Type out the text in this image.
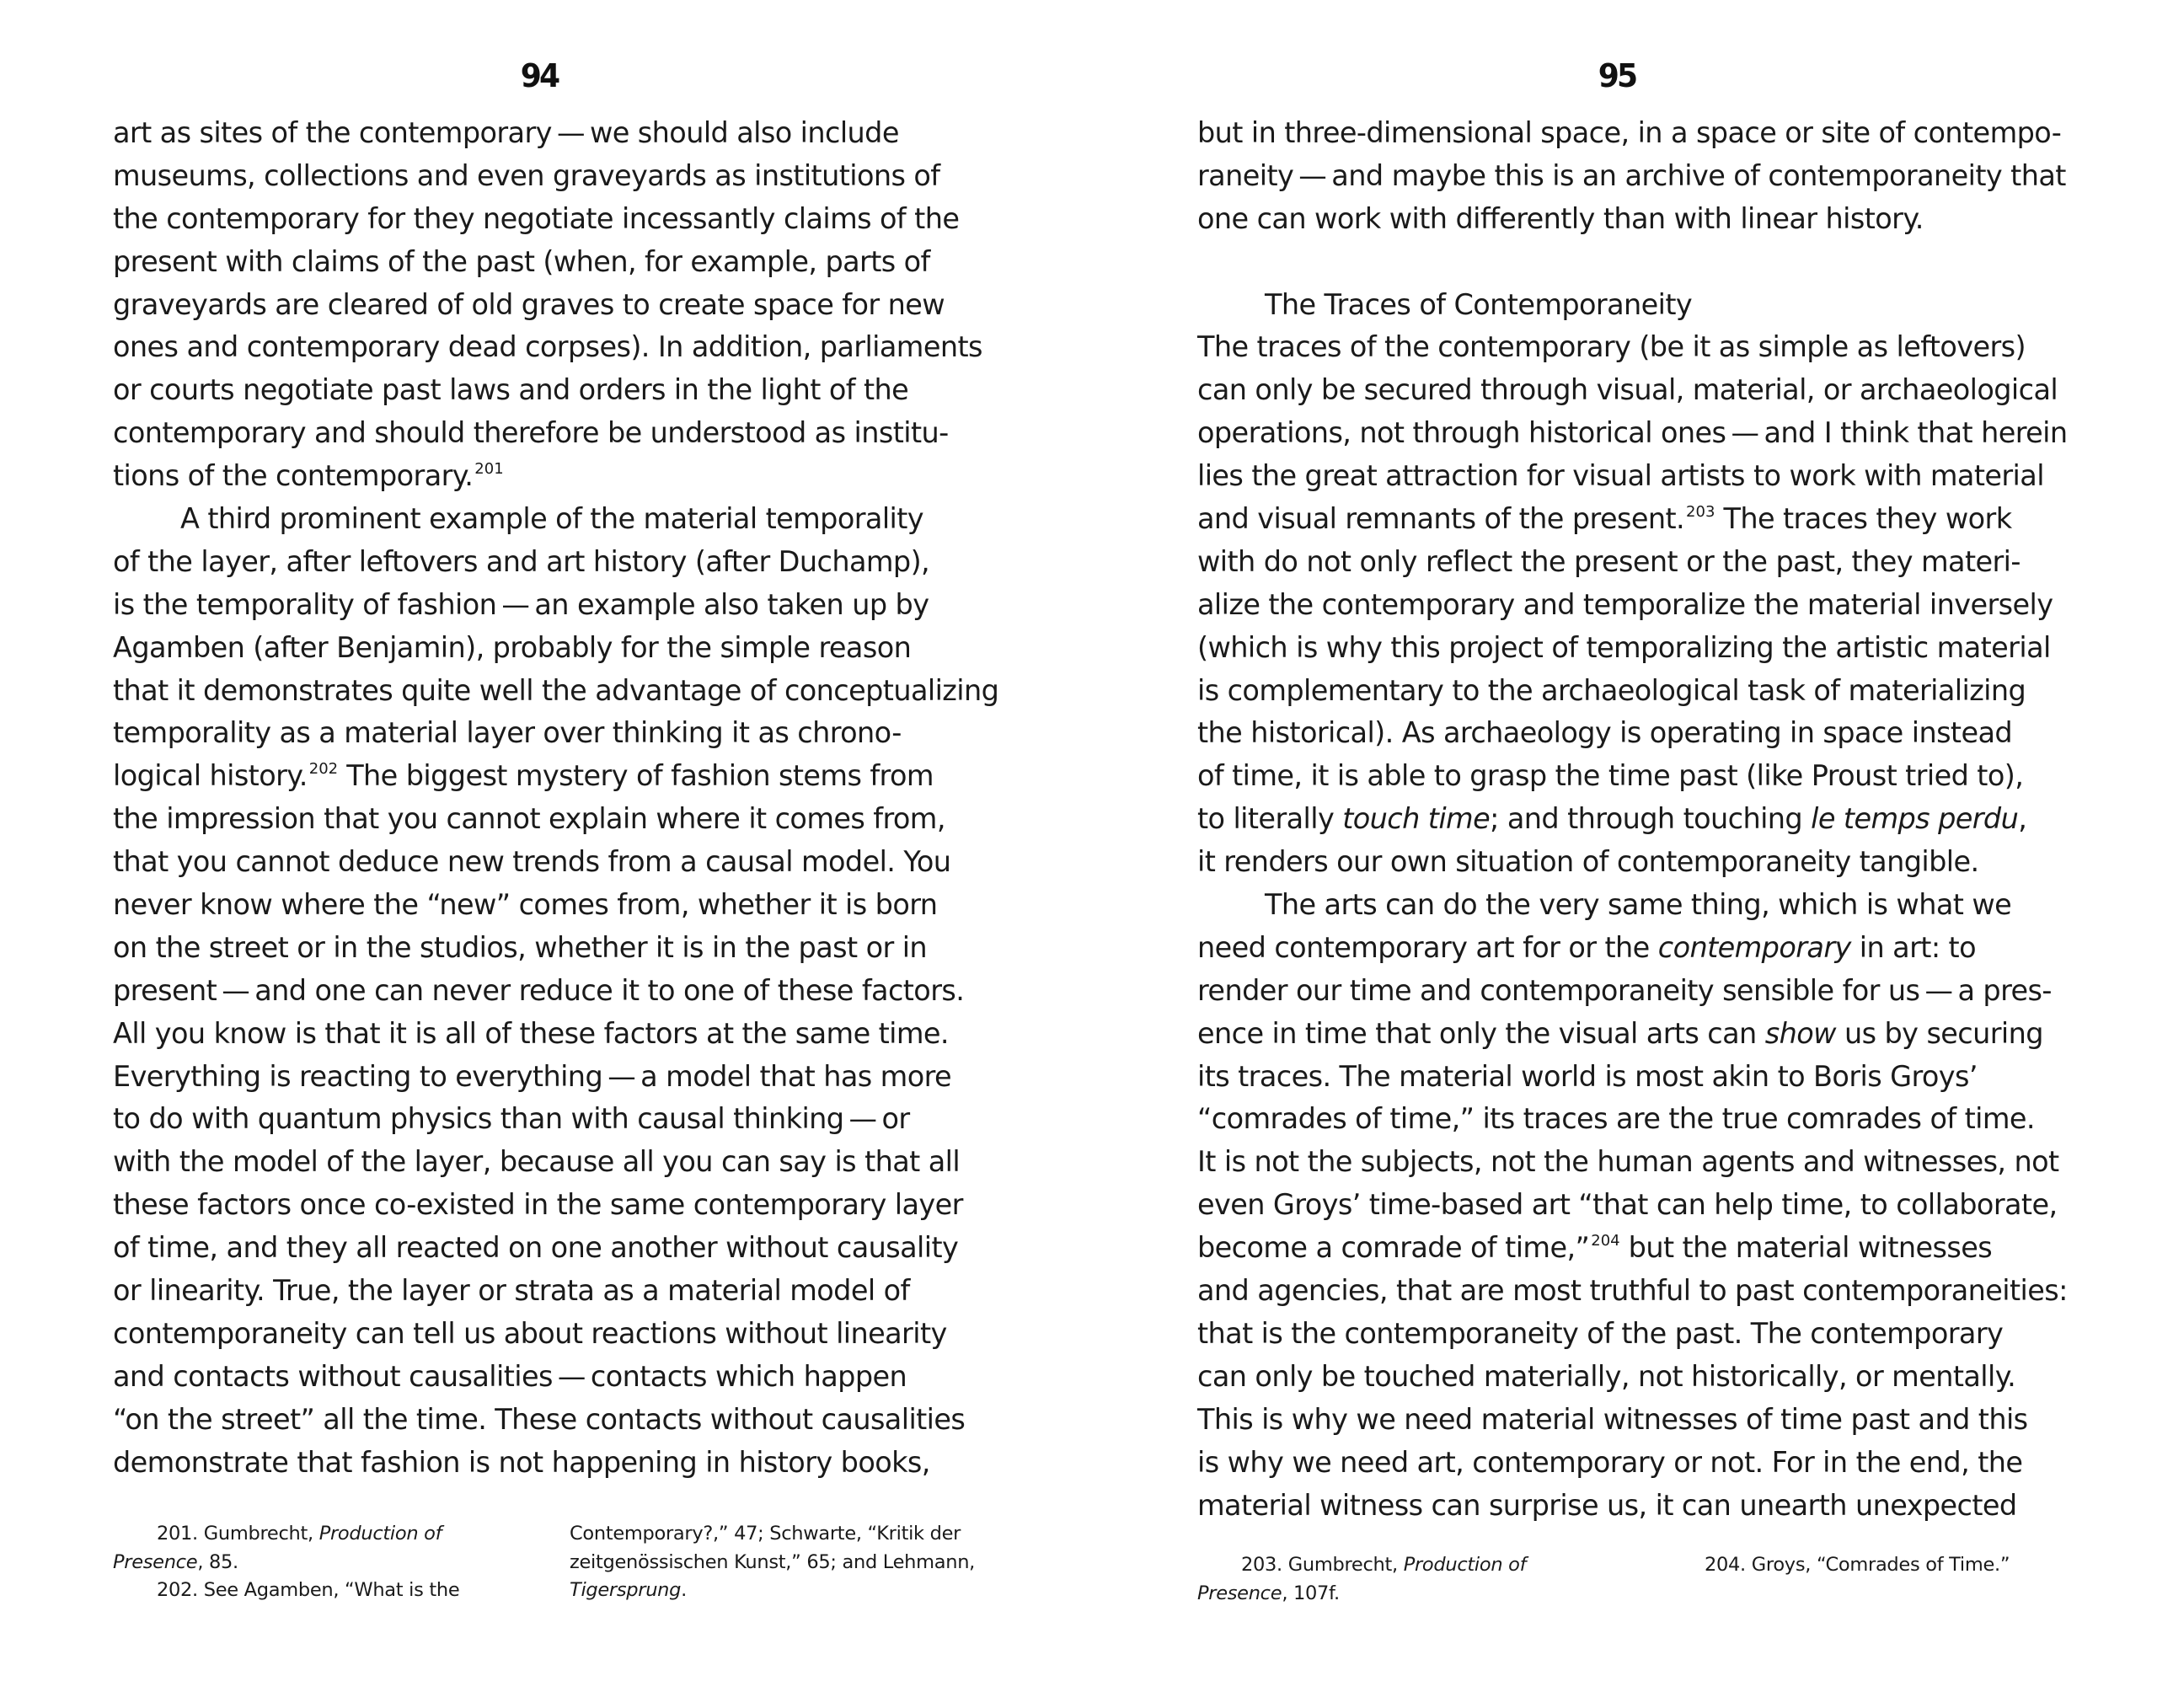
94
art as sites of the contemporary — we should also include
museums, collections and even graveyards as institutions of
the contemporary for they negotiate incessantly claims of the
present with claims of the past (when, for example, parts of
graveyards are cleared of old graves to create space for new
ones and contemporary dead corpses). In addition, parliaments
or courts negotiate past laws and orders in the light of the
contemporary and should therefore be understood as institu-
tions of the contemporary. $^{201}$
A third prominent example of the material temporality
of the layer, after leftovers and art history (after Duchamp),
is the temporality of fashion — an example also taken up by
Agamben (after Benjamin), probably for the simple reason
that it demonstrates quite well the advantage of conceptualizing
temporality as a material layer over thinking it as chrono-
logical history. $^{202}$ The biggest mystery of fashion stems from
the impression that you cannot explain where it comes from,
that you cannot deduce new trends from a causal model. You
never know where the “new” comes from, whether it is born
on the street or in the studios, whether it is in the past or in
present — and one can never reduce it to one of these factors.
All you know is that it is all of these factors at the same time.
Everything is reacting to everything — a model that has more
to do with quantum physics than with causal thinking — or
with the model of the layer, because all you can say is that all
these factors once co-existed in the same contemporary layer
of time, and they all reacted on one another without causality
or linearity. True, the layer or strata as a material model of
contemporaneity can tell us about reactions without linearity
and contacts without causalities — contacts which happen
“on the street” all the time. These contacts without causalities
demonstrate that fashion is not happening in history books,
201. Gumbrecht, Production of
Presence, 85.
202. See Agamben, “What is the
Contemporary?,” 47; Schwarte, “Kritik der
zeitgenössischen Kunst,” 65; and Lehmann,
Tigersprung.
95
but in three-dimensional space, in a space or site of contempo-
raneity — and maybe this is an archive of contemporaneity that
one can work with differently than with linear history.
The Traces of Contemporaneity
The traces of the contemporary (be it as simple as leftovers)
can only be secured through visual, material, or archaeological
operations, not through historical ones — and I think that herein
lies the great attraction for visual artists to work with material
and visual remnants of the present. $^{203}$ The traces they work
with do not only reflect the present or the past, they materi-
alize the contemporary and temporalize the material inversely
(which is why this project of temporalizing the artistic material
is complementary to the archaeological task of materializing
the historical). As archaeology is operating in space instead
of time, it is able to grasp the time past (like Proust tried to),
to literally touch time; and through touching le temps perdu,
it renders our own situation of contemporaneity tangible.
The arts can do the very same thing, which is what we
need contemporary art for or the contemporary in art: to
render our time and contemporaneity sensible for us — a pres-
ence in time that only the visual arts can show us by securing
its traces. The material world is most akin to Boris Groys’
“comrades of time,” its traces are the true comrades of time.
It is not the subjects, not the human agents and witnesses, not
even Groys’ time-based art “that can help time, to collaborate,
become a comrade of time,” $^{204}$ but the material witnesses
and agencies, that are most truthful to past contemporaneities:
that is the contemporaneity of the past. The contemporary
can only be touched materially, not historically, or mentally.
This is why we need material witnesses of time past and this
is why we need art, contemporary or not. For in the end, the
material witness can surprise us, it can unearth unexpected
203. Gumbrecht, Production of
Presence, 107f.
204. Groys, “Comrades of Time.”
